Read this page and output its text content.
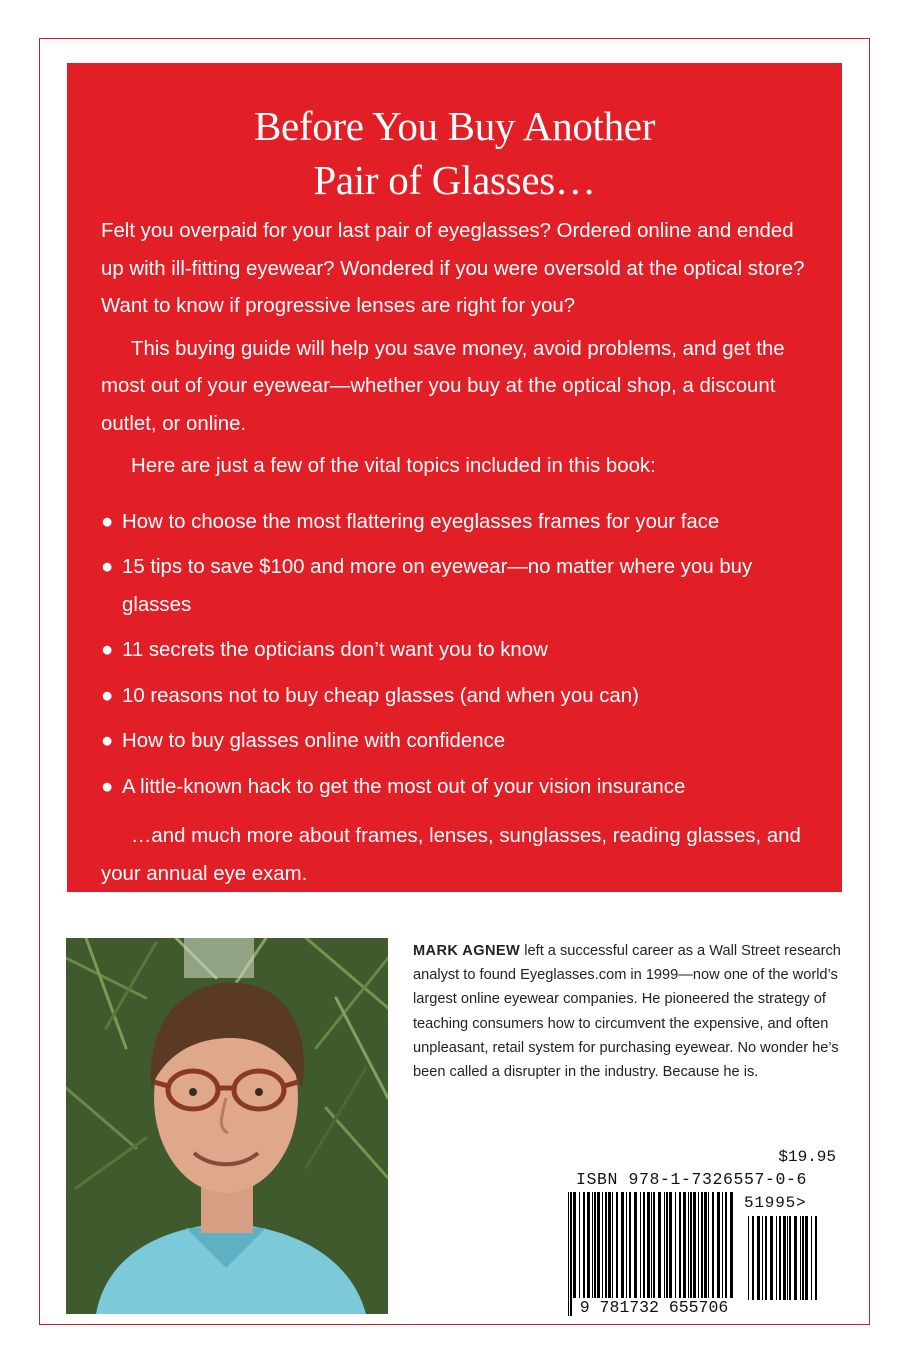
Before You Buy Another
Pair of Glasses…

Felt you overpaid for your last pair of eyeglasses? Ordered online and ended up with ill-fitting eyewear? Wondered if you were oversold at the optical store? Want to know if progressive lenses are right for you?

This buying guide will help you save money, avoid problems, and get the most out of your eyewear—whether you buy at the optical shop, a discount outlet, or online.

Here are just a few of the vital topics included in this book:

● How to choose the most flattering eyeglasses frames for your face
● 15 tips to save $100 and more on eyewear—no matter where you buy glasses
● 11 secrets the opticians don’t want you to know
● 10 reasons not to buy cheap glasses (and when you can)
● How to buy glasses online with confidence
● A little-known hack to get the most out of your vision insurance

…and much more about frames, lenses, sunglasses, reading glasses, and your annual eye exam.

MARK AGNEW left a successful career as a Wall Street research analyst to found Eyeglasses.com in 1999—now one of the world’s largest online eyewear companies. He pioneered the strategy of teaching consumers how to circumvent the expensive, and often unpleasant, retail system for purchasing eyewear. No wonder he’s been called a disrupter in the industry. Because he is.
$19.95
ISBN 978-1-7326557-0-6
51995>
9 781732 655706
